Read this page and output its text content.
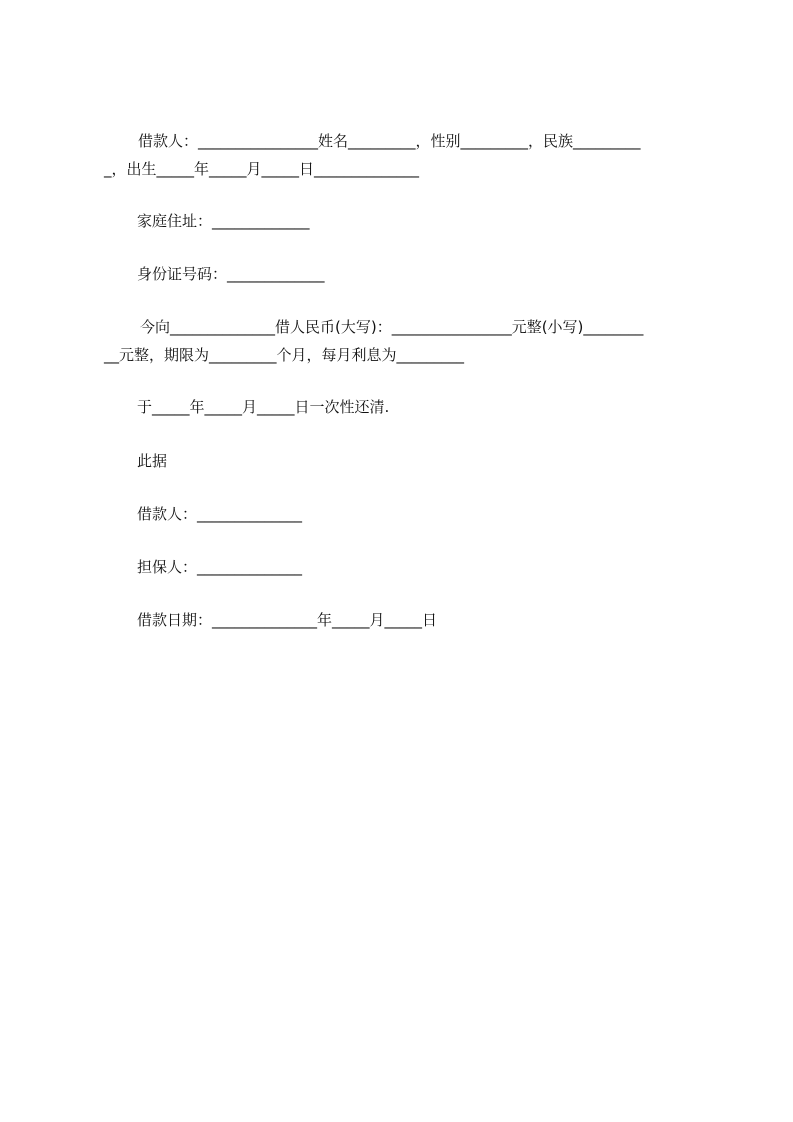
借款人：________________姓名_________，性别_________，民族_________
_，出生_____年_____月_____日______________
家庭住址：_____________
身份证号码：_____________
今向______________借人民币(大写)：________________元整(小写)________
__元整，期限为_________个月，每月利息为_________
于_____年_____月_____日一次性还清.
此据
借款人：______________
担保人：______________
借款日期：______________年_____月_____日
